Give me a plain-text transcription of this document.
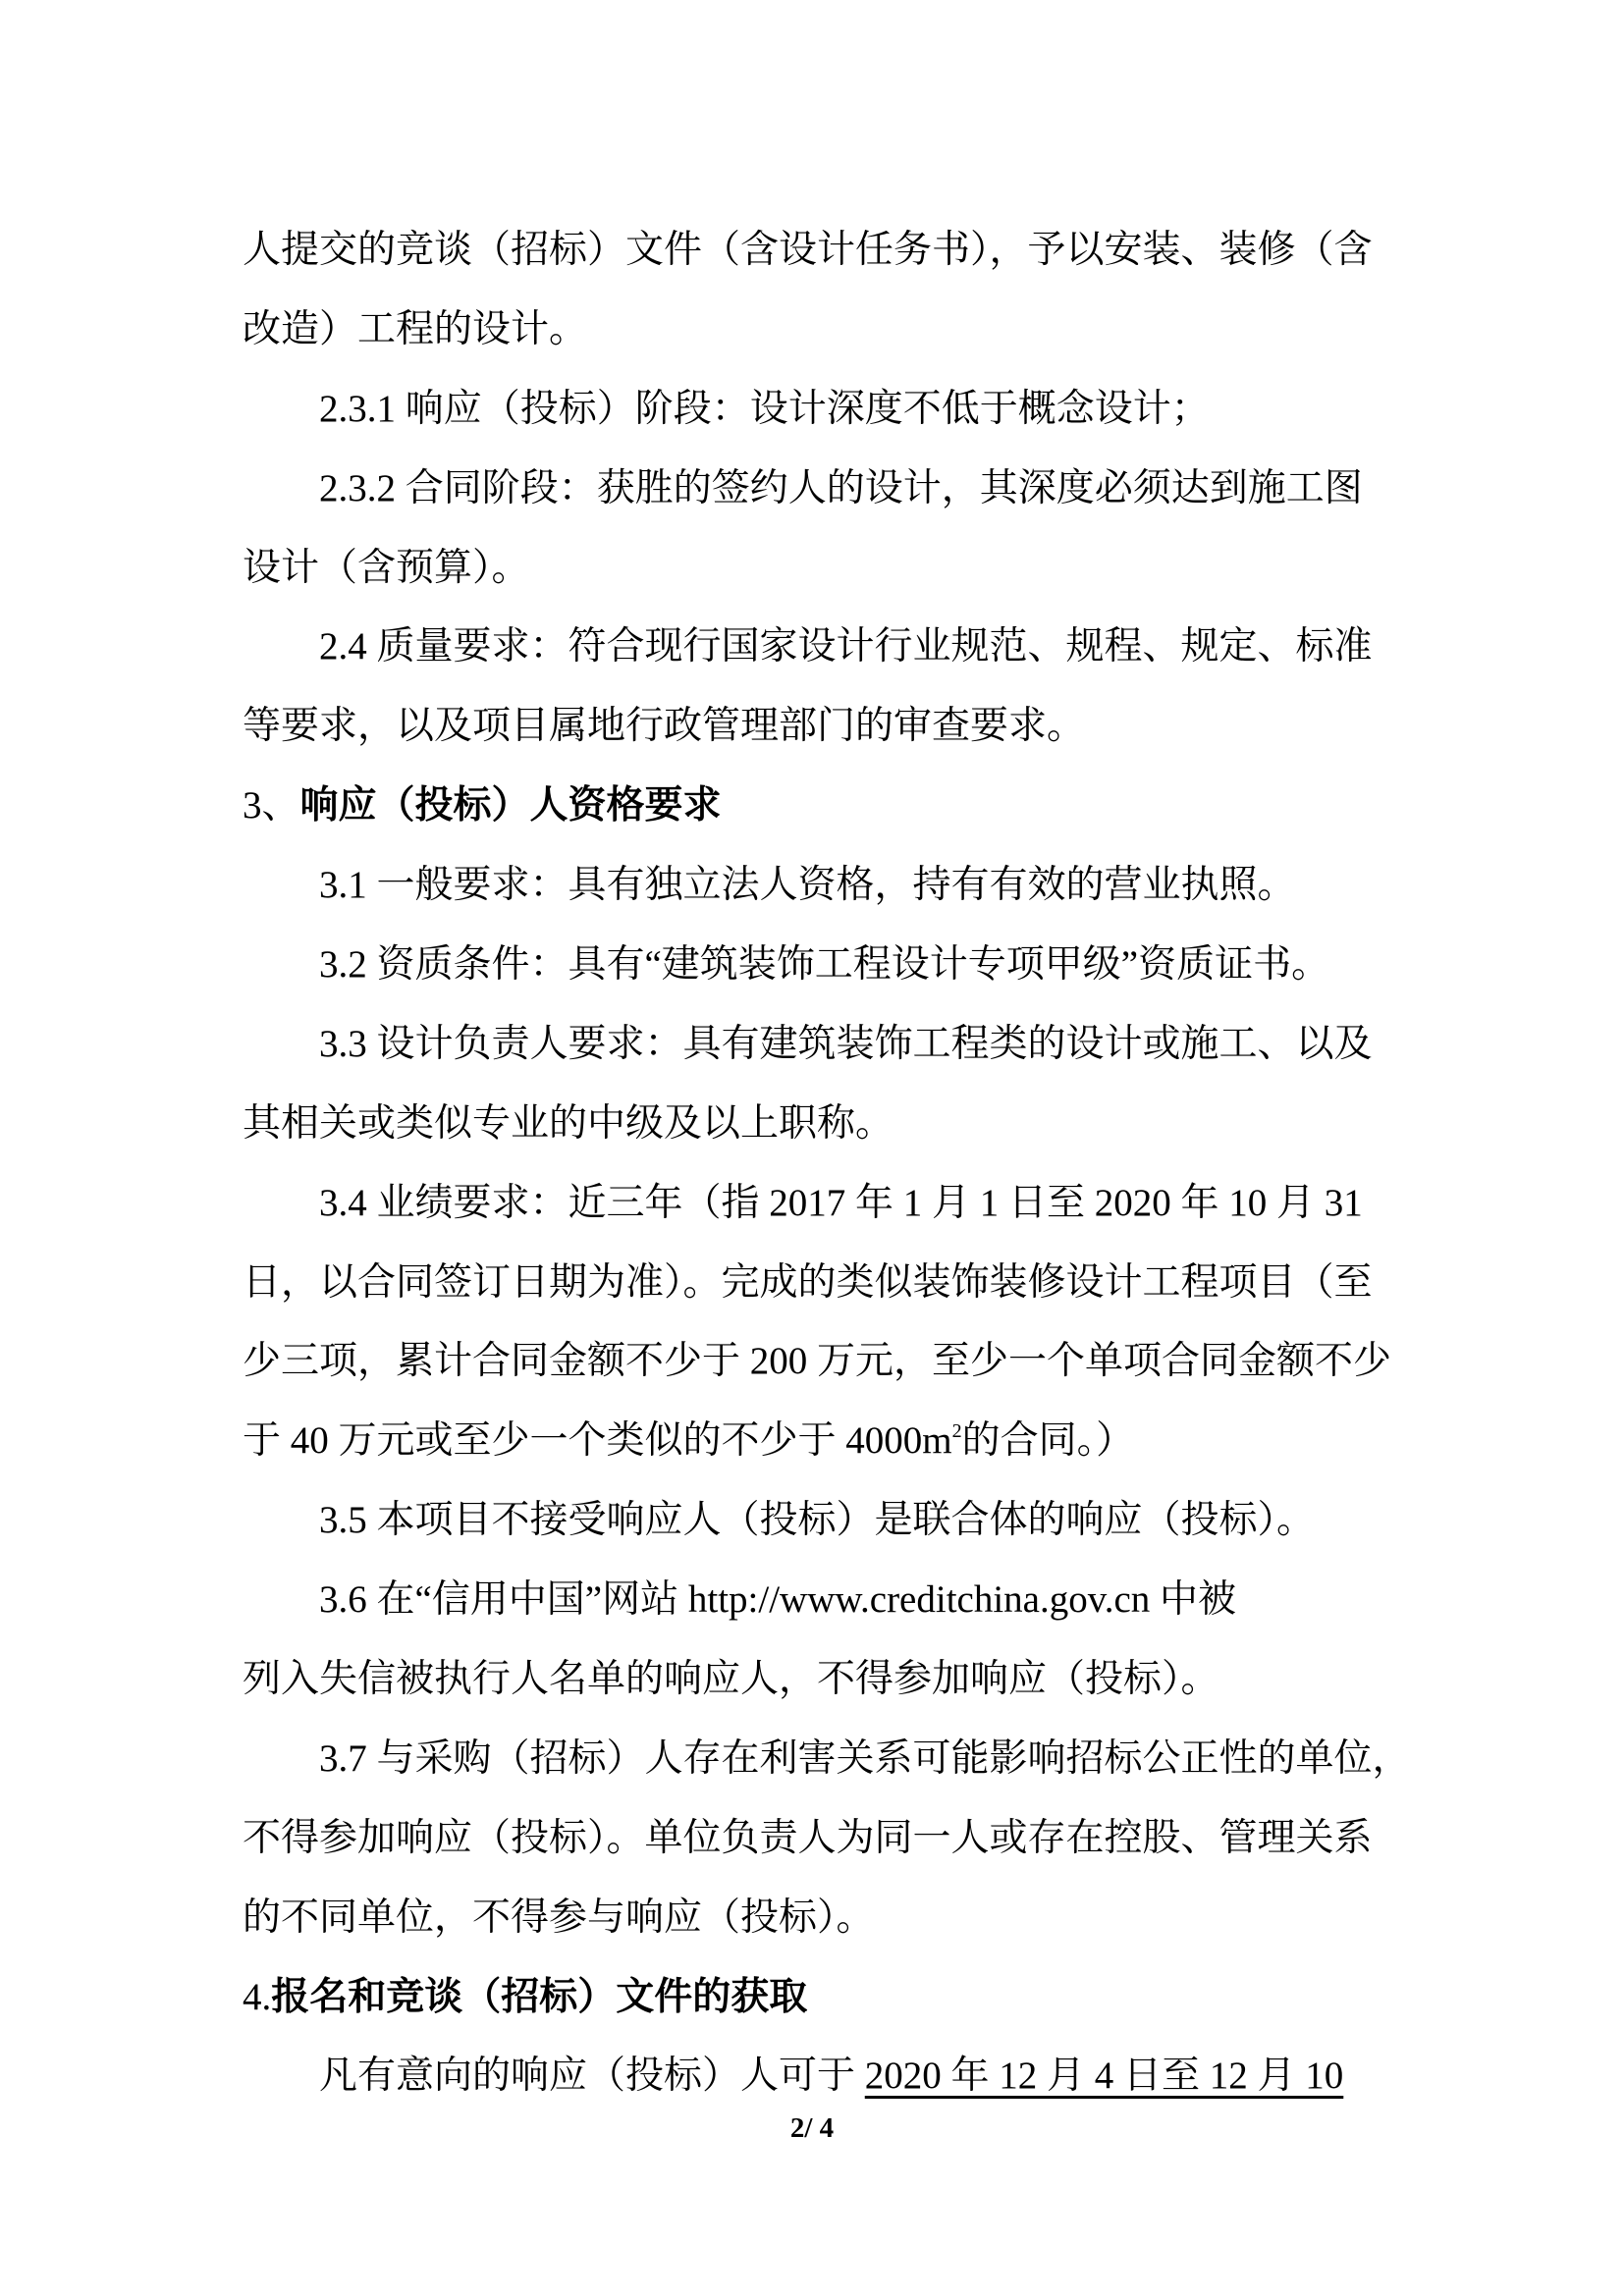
人提交的竞谈（招标）文件（含设计任务书），予以安装、装修（含
改造）工程的设计。
2.3.1 响应（投标）阶段：设计深度不低于概念设计；
2.3.2 合同阶段：获胜的签约人的设计，其深度必须达到施工图
设计（含预算）。
2.4 质量要求：符合现行国家设计行业规范、规程、规定、标准
等要求，以及项目属地行政管理部门的审查要求。
3、响应（投标）人资格要求
3.1 一般要求：具有独立法人资格，持有有效的营业执照。
3.2 资质条件：具有“建筑装饰工程设计专项甲级”资质证书。
3.3 设计负责人要求：具有建筑装饰工程类的设计或施工、以及
其相关或类似专业的中级及以上职称。
3.4 业绩要求：近三年（指 2017 年 1 月 1 日至 2020 年 10 月 31
日，以合同签订日期为准）。完成的类似装饰装修设计工程项目（至
少三项，累计合同金额不少于 200 万元，至少一个单项合同金额不少
于 40 万元或至少一个类似的不少于 $4000m^2$的合同。）
3.5 本项目不接受响应人（投标）是联合体的响应（投标）。
3.6 在“信用中国”网站 http://www.creditchina.gov.cn 中被
列入失信被执行人名单的响应人，不得参加响应（投标）。
3.7 与采购（招标）人存在利害关系可能影响招标公正性的单位，
不得参加响应（投标）。单位负责人为同一人或存在控股、管理关系
的不同单位，不得参与响应（投标）。
4.报名和竞谈（招标）文件的获取
凡有意向的响应（投标）人可于 2020 年 12 月 4 日至 12 月 10
2/ 4
